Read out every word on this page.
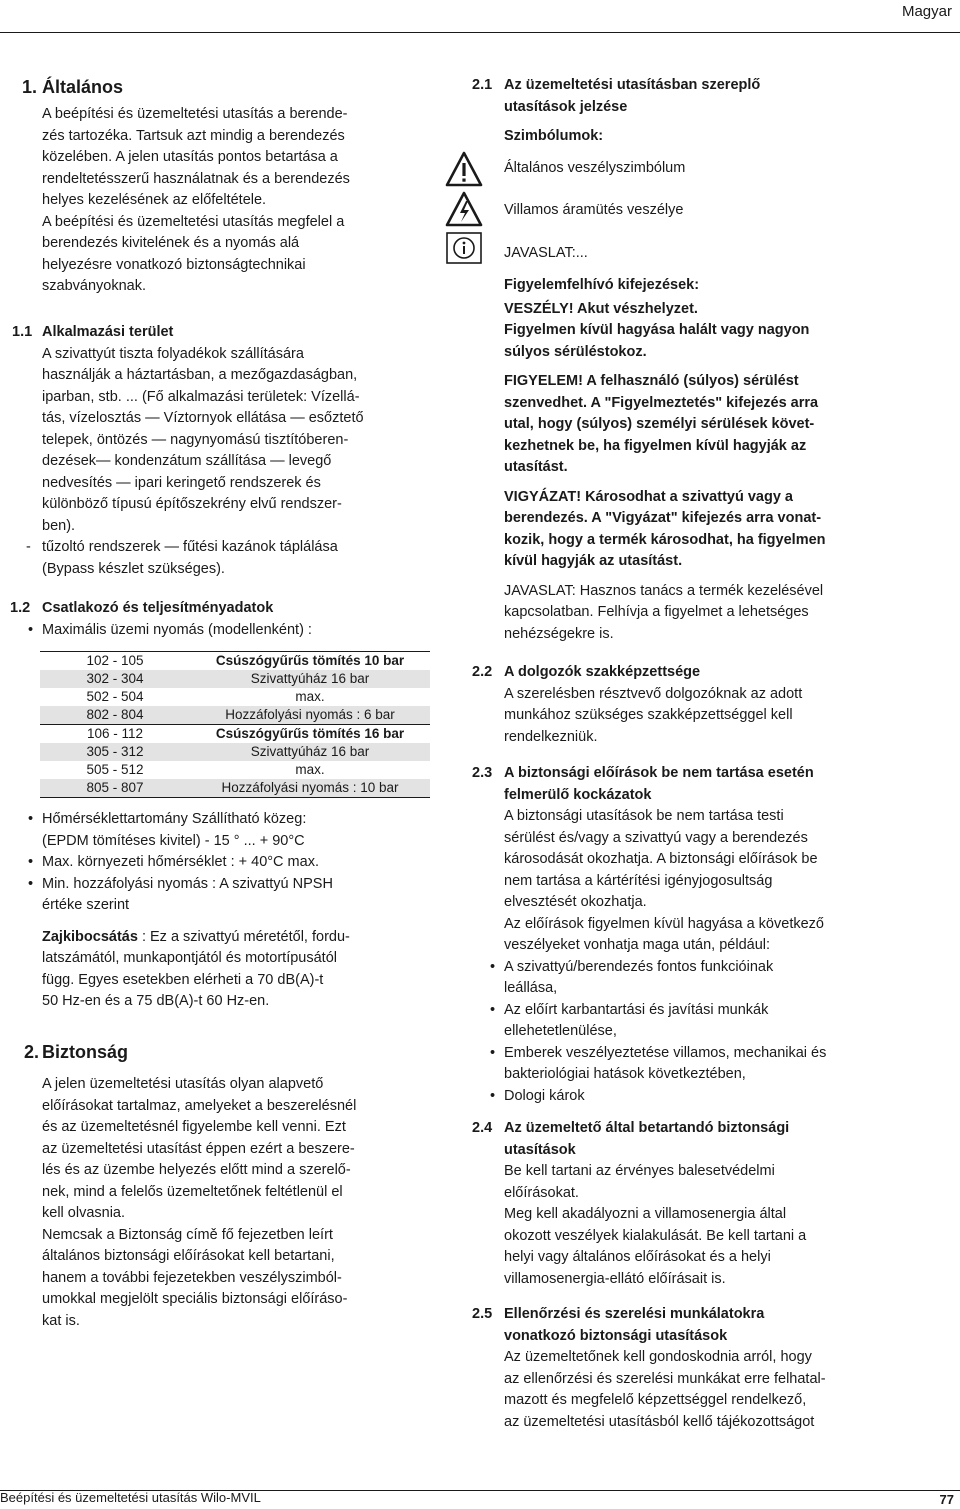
Magyar
1. Általános
A beépítési és üzemeltetési utasítás a berende-
zés tartozéka. Tartsuk azt mindig a berendezés
közelében. A jelen utasítás pontos betartása a
rendeltetésszerű használatnak és a berendezés
helyes kezelésének az előfeltétele.
A beépítési és üzemeltetési utasítás megfelel a
berendezés kivitelének és a nyomás alá
helyezésre vonatkozó biztonságtechnikai
szabványoknak.
1.1 Alkalmazási terület
A szivattyút tiszta folyadékok szállítására
használják a háztartásban, a mezőgazdaságban,
iparban, stb. ... (Fő alkalmazási területek: Vízellá-
tás, vízelosztás — Víztornyok ellátása — esőztető
telepek, öntözés — nagynyomású tisztítóberen-
dezések— kondenzátum szállítása — levegő
nedvesítés — ipari keringető rendszerek és
különböző típusú építőszekrény elvű rendszer-
ben).
- tűzoltó rendszerek — fűtési kazánok táplálása
(Bypass készlet szükséges).
1.2 Csatlakozó és teljesítményadatok
• Maximális üzemi nyomás (modellenként) :
102 - 105	Csúszógyűrűs tömítés 10 bar
302 - 304	Szivattyúház 16 bar
502 - 504	max.
802 - 804	Hozzáfolyási nyomás : 6 bar
106 - 112	Csúszógyűrűs tömítés 16 bar
305 - 312	Szivattyúház 16 bar
505 - 512	max.
805 - 807	Hozzáfolyási nyomás : 10 bar
• Hőmérséklettartomány Szállítható közeg:
(EPDM tömítéses kivitel) - 15 ° ... + 90°C
• Max. környezeti hőmérséklet : + 40°C max.
• Min. hozzáfolyási nyomás : A szivattyú NPSH
értéke szerint
Zajkibocsátás : Ez a szivattyú méretétől, fordu-
latszámától, munkapontjától és motortípusától
függ. Egyes esetekben elérheti a 70 dB(A)-t
50 Hz-en és a 75 dB(A)-t 60 Hz-en.
2. Biztonság
A jelen üzemeltetési utasítás olyan alapvető
előírásokat tartalmaz, amelyeket a beszerelésnél
és az üzemeltetésnél figyelembe kell venni. Ezt
az üzemeltetési utasítást éppen ezért a beszere-
lés és az üzembe helyezés előtt mind a szerelő-
nek, mind a felelős üzemeltetőnek feltétlenül el
kell olvasnia.
Nemcsak a Biztonság címě fő fejezetben leírt
általános biztonsági előírásokat kell betartani,
hanem a további fejezetekben veszélyszimból-
umokkal megjelölt speciális biztonsági előíráso-
kat is.
2.1 Az üzemeltetési utasításban szereplő
utasítások jelzése
Szimbólumok:
Általános veszélyszimbólum
Villamos áramütés veszélye
JAVASLAT:...
Figyelemfelhívó kifejezések:
VESZÉLY! Akut vészhelyzet.
Figyelmen kívül hagyása halált vagy nagyon
súlyos sérüléstokoz.
FIGYELEM! A felhasználó (súlyos) sérülést
szenvedhet. A "Figyelmeztetés" kifejezés arra
utal, hogy (súlyos) személyi sérülések követ-
kezhetnek be, ha figyelmen kívül hagyják az
utasítást.
VIGYÁZAT! Károsodhat a szivattyú vagy a
berendezés. A "Vigyázat" kifejezés arra vonat-
kozik, hogy a termék károsodhat, ha figyelmen
kívül hagyják az utasítást.
JAVASLAT: Hasznos tanács a termék kezelésével
kapcsolatban. Felhívja a figyelmet a lehetséges
nehézségekre is.
2.2 A dolgozók szakképzettsége
A szerelésben résztvevő dolgozóknak az adott
munkához szükséges szakképzettséggel kell
rendelkezniük.
2.3 A biztonsági előírások be nem tartása esetén
felmerülő kockázatok
A biztonsági utasítások be nem tartása testi
sérülést és/vagy a szivattyú vagy a berendezés
károsodását okozhatja. A biztonsági előírások be
nem tartása a kártérítési igényjogosultság
elvesztését okozhatja.
Az előírások figyelmen kívül hagyása a következő
veszélyeket vonhatja maga után, például:
• A szivattyú/berendezés fontos funkcióinak
leállása,
• Az előírt karbantartási és javítási munkák
ellehetetlenülése,
• Emberek veszélyeztetése villamos, mechanikai és
bakteriológiai hatások következtében,
• Dologi károk
2.4 Az üzemeltető által betartandó biztonsági
utasítások
Be kell tartani az érvényes balesetvédelmi
előírásokat.
Meg kell akadályozni a villamosenergia által
okozott veszélyek kialakulását. Be kell tartani a
helyi vagy általános előírásokat és a helyi
villamosenergia-ellátó előírásait is.
2.5 Ellenőrzési és szerelési munkálatokra
vonatkozó biztonsági utasítások
Az üzemeltetőnek kell gondoskodnia arról, hogy
az ellenőrzési és szerelési munkákat erre felhatal-
mazott és megfelelő képzettséggel rendelkező,
az üzemeltetési utasításból kellő tájékozottságot
Beépítési és üzemeltetési utasítás Wilo-MVIL	77
